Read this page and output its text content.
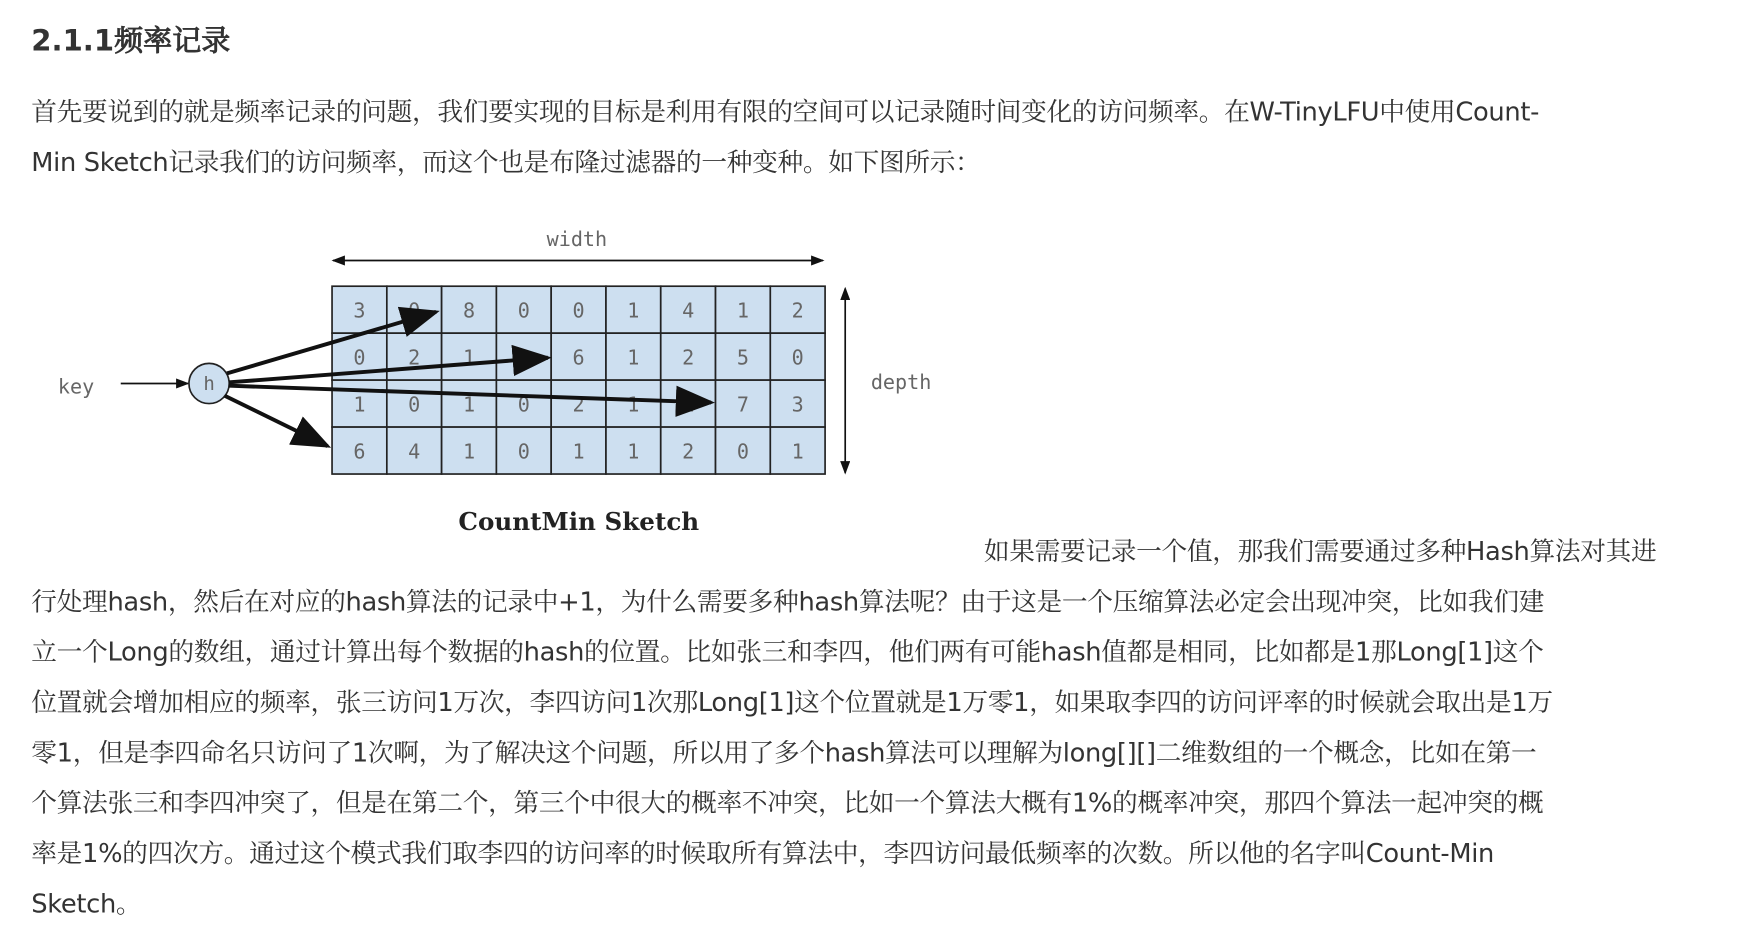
2.1.1频率记录
首先要说到的就是频率记录的问题，我们要实现的目标是利用有限的空间可以记录随时间变化的访问频率。在W-TinyLFU中使用Count-
Min Sketch记录我们的访问频率，而这个也是布隆过滤器的一种变种。如下图所示：
3 0 8 0 0 1 4 1 2
0 2 1 1 6 1 2 5 0
1 0 1 0 2 1 1 7 3
6 4 1 0 1 1 2 0 1
width
depth
key	h
CountMin Sketch
如果需要记录一个值，那我们需要通过多种Hash算法对其进
行处理hash，然后在对应的hash算法的记录中+1，为什么需要多种hash算法呢？由于这是一个压缩算法必定会出现冲突，比如我们建
立一个Long的数组，通过计算出每个数据的hash的位置。比如张三和李四，他们两有可能hash值都是相同，比如都是1那Long[1]这个
位置就会增加相应的频率，张三访问1万次，李四访问1次那Long[1]这个位置就是1万零1，如果取李四的访问评率的时候就会取出是1万
零1，但是李四命名只访问了1次啊，为了解决这个问题，所以用了多个hash算法可以理解为long[][]二维数组的一个概念，比如在第一
个算法张三和李四冲突了，但是在第二个，第三个中很大的概率不冲突，比如一个算法大概有1%的概率冲突，那四个算法一起冲突的概
率是1%的四次方。通过这个模式我们取李四的访问率的时候取所有算法中，李四访问最低频率的次数。所以他的名字叫Count-Min
Sketch。
